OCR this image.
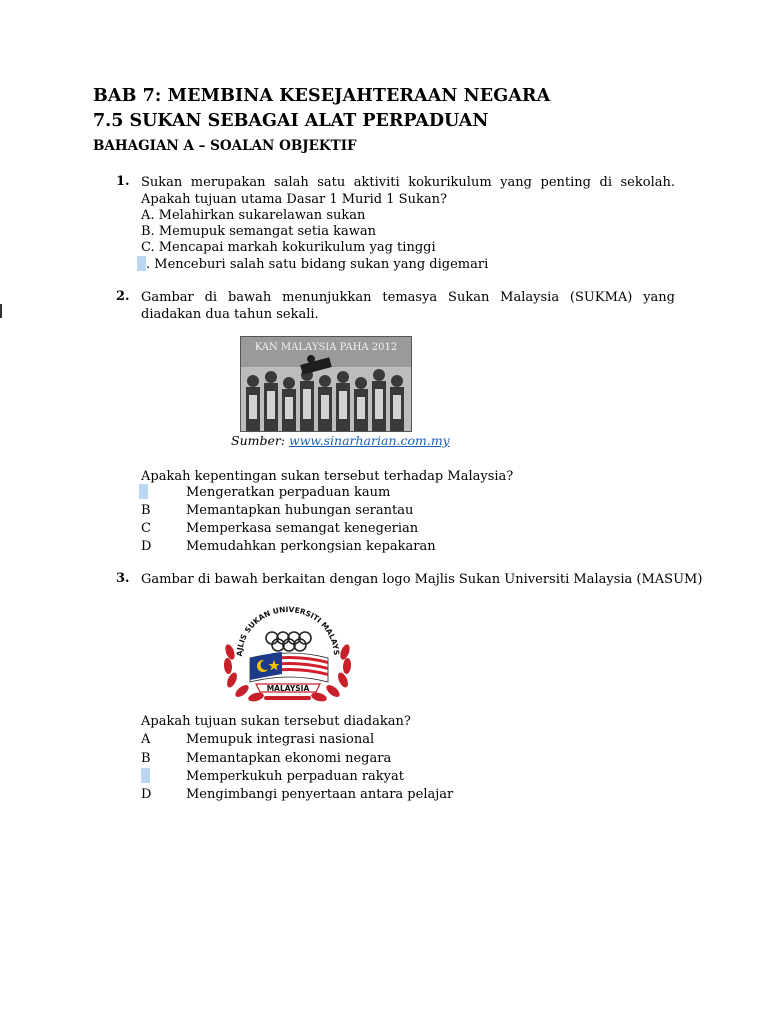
BAB 7: MEMBINA KESEJAHTERAAN NEGARA
7.5 SUKAN SEBAGAI ALAT PERPADUAN
BAHAGIAN A – SOALAN OBJEKTIF
1. Sukan merupakan salah satu aktiviti kokurikulum yang penting di sekolah. Apakah tujuan utama Dasar 1 Murid 1 Sukan?
A. Melahirkan sukarelawan sukan
B. Memupuk semangat setia kawan
C. Mencapai markah kokurikulum yag tinggi
. Menceburi salah satu bidang sukan yang digemari
2. Gambar di bawah menunjukkan temasya Sukan Malaysia (SUKMA) yang diadakan dua tahun sekali.
KAN MALAYSIA PAHA 2012
Sumber: www.sinarharian.com.my
Apakah kepentingan sukan tersebut terhadap Malaysia?
Mengeratkan perpaduan kaum
B	Memantapkan hubungan serantau
C	Memperkasa semangat kenegerian
D	Memudahkan perkongsian kepakaran
3. Gambar di bawah berkaitan dengan logo Majlis Sukan Universiti Malaysia (MASUM)
AJLIS SUKAN UNIVERSITI MALAYS
MALAYSIA
Apakah tujuan sukan tersebut diadakan?
A	Memupuk integrasi nasional
B	Memantapkan ekonomi negara
Memperkukuh perpaduan rakyat
D	Mengimbangi penyertaan antara pelajar
